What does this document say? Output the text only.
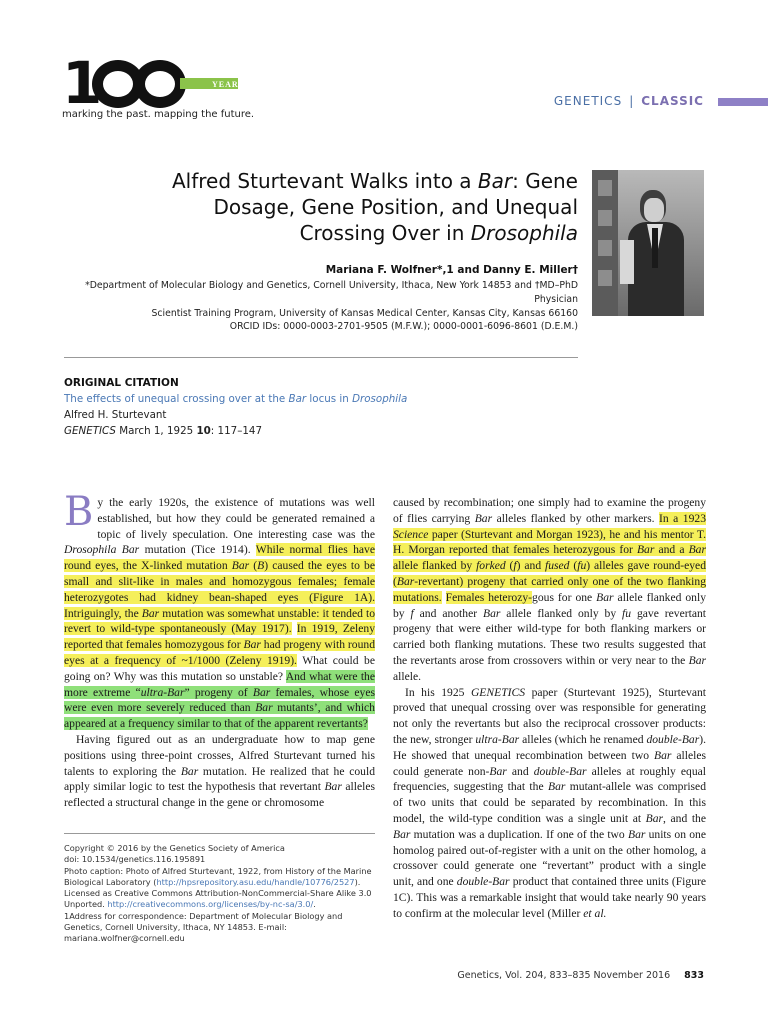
1	YEARS
marking the past. mapping the future.
GENETICS | CLASSIC
Alfred Sturtevant Walks into a Bar: Gene
Dosage, Gene Position, and Unequal
Crossing Over in Drosophila
Mariana F. Wolfner*,1 and Danny E. Miller†
*Department of Molecular Biology and Genetics, Cornell University, Ithaca, New York 14853 and †MD–PhD Physician
Scientist Training Program, University of Kansas Medical Center, Kansas City, Kansas 66160
ORCID IDs: 0000-0003-2701-9505 (M.F.W.); 0000-0001-6096-8601 (D.E.M.)
ORIGINAL CITATION
The effects of unequal crossing over at the Bar locus in Drosophila
Alfred H. Sturtevant
GENETICS March 1, 1925 10: 117–147

By the early 1920s, the existence of mutations was well established, but how they could be generated remained a topic of lively speculation. One interesting case was the Drosophila Bar mutation (Tice 1914). While normal flies have round eyes, the X-linked mutation Bar (B) caused the eyes to be small and slit-like in males and homozygous females; female heterozygotes had kidney bean-shaped eyes (Figure 1A). Intriguingly, the Bar mutation was somewhat unstable: it tended to revert to wild-type spontaneously (May 1917). In 1919, Zeleny reported that females homozygous for Bar had progeny with round eyes at a frequency of ~1/1000 (Zeleny 1919). What could be going on? Why was this mutation so unstable? And what were the more extreme “ultra-Bar” progeny of Bar females, whose eyes were even more severely reduced than Bar mutants’, and which appeared at a frequency similar to that of the apparent revertants?

Having figured out as an undergraduate how to map gene positions using three-point crosses, Alfred Sturtevant turned his talents to exploring the Bar mutation. He realized that he could apply similar logic to test the hypothesis that revertant Bar alleles reflected a structural change in the gene or chromosome

caused by recombination; one simply had to examine the progeny of flies carrying Bar alleles flanked by other markers. In a 1923 Science paper (Sturtevant and Morgan 1923), he and his mentor T. H. Morgan reported that females heterozygous for Bar and a Bar allele flanked by forked (f) and fused (fu) alleles gave round-eyed (Bar-revertant) progeny that carried only one of the two flanking mutations. Females heterozy-gous for one Bar allele flanked only by f and another Bar allele flanked only by fu gave revertant progeny that were either wild-type for both flanking markers or carried both flanking mutations. These two results suggested that the revertants arose from crossovers within or very near to the Bar allele.

In his 1925 GENETICS paper (Sturtevant 1925), Sturtevant proved that unequal crossing over was responsible for generating not only the revertants but also the reciprocal crossover products: the new, stronger ultra-Bar alleles (which he renamed double-Bar). He showed that unequal recombination between two Bar alleles could generate non-Bar and double-Bar alleles at roughly equal frequencies, suggesting that the Bar mutant-allele was comprised of two units that could be separated by recombination. In this model, the wild-type condition was a single unit at Bar, and the Bar mutation was a duplication. If one of the two Bar units on one homolog paired out-of-register with a unit on the other homolog, a crossover could generate one “revertant” product with a single unit, and one double-Bar product that contained three units (Figure 1C). This was a remarkable insight that would take nearly 90 years to confirm at the molecular level (Miller et al.

Copyright © 2016 by the Genetics Society of America

doi: 10.1534/genetics.116.195891

Photo caption: Photo of Alfred Sturtevant, 1922, from History of the Marine Biological Laboratory (http://hpsrepository.asu.edu/handle/10776/2527). Licensed as Creative Commons Attribution-NonCommercial-Share Alike 3.0 Unported. http://creativecommons.org/licenses/by-nc-sa/3.0/.

1Address for correspondence: Department of Molecular Biology and Genetics, Cornell University, Ithaca, NY 14853. E-mail: mariana.wolfner@cornell.edu

Genetics, Vol. 204, 833–835 November 2016 833
